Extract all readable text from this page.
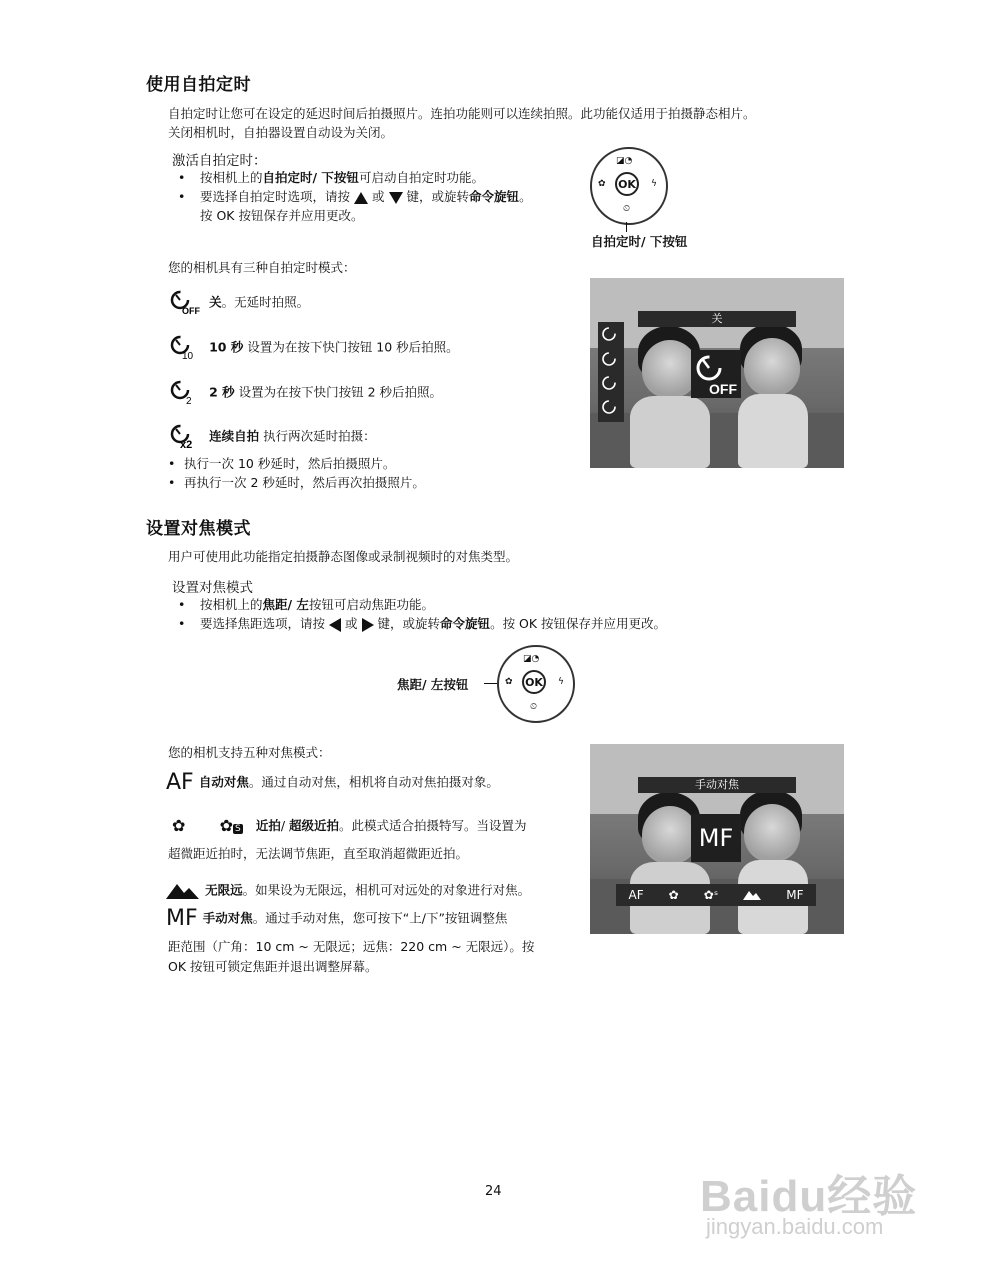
使用自拍定时
自拍定时让您可在设定的延迟时间后拍摄照片。连拍功能则可以连续拍照。此功能仅适用于拍摄静态相片。
关闭相机时，自拍器设置自动设为关闭。
激活自拍定时：
• 按相机上的自拍定时/ 下按钮可启动自拍定时功能。
• 要选择自拍定时选项，请按 或 键，或旋转命令旋钮。
按 OK 按钮保存并应用更改。
OK
◪◔
✿	ϟ
⏲
自拍定时/ 下按钮
您的相机具有三种自拍定时模式：
OFF
关。无延时拍照。
10
10 秒 设置为在按下快门按钮 10 秒后拍照。
2
2 秒 设置为在按下快门按钮 2 秒后拍照。
x2
连续自拍 执行两次延时拍摄：
• 执行一次 10 秒延时，然后拍摄照片。
• 再执行一次 2 秒延时，然后再次拍摄照片。
关
OFF
设置对焦模式
用户可使用此功能指定拍摄静态图像或录制视频时的对焦类型。
设置对焦模式
• 按相机上的焦距/ 左按钮可启动焦距功能。
• 要选择焦距选项，请按 或 键，或旋转命令旋钮。按 OK 按钮保存并应用更改。
焦距/ 左按钮	OK
◪◔
✿	ϟ
⏲
您的相机支持五种对焦模式：
AF 自动对焦。通过自动对焦，相机将自动对焦拍摄对象。
✿ ✿ S 近拍/ 超级近拍。此模式适合拍摄特写。当设置为
超微距近拍时，无法调节焦距，直至取消超微距近拍。
无限远。如果设为无限远，相机可对远处的对象进行对焦。
MF 手动对焦。通过手动对焦，您可按下“上/下”按钮调整焦
距范围（广角：10 cm ~ 无限远；远焦：220 cm ~ 无限远）。按
OK 按钮可锁定焦距并退出调整屏幕。
手动对焦
MF
AF ✿ ✿ˢ	MF
24	Baidu经验
jingyan.baidu.com
